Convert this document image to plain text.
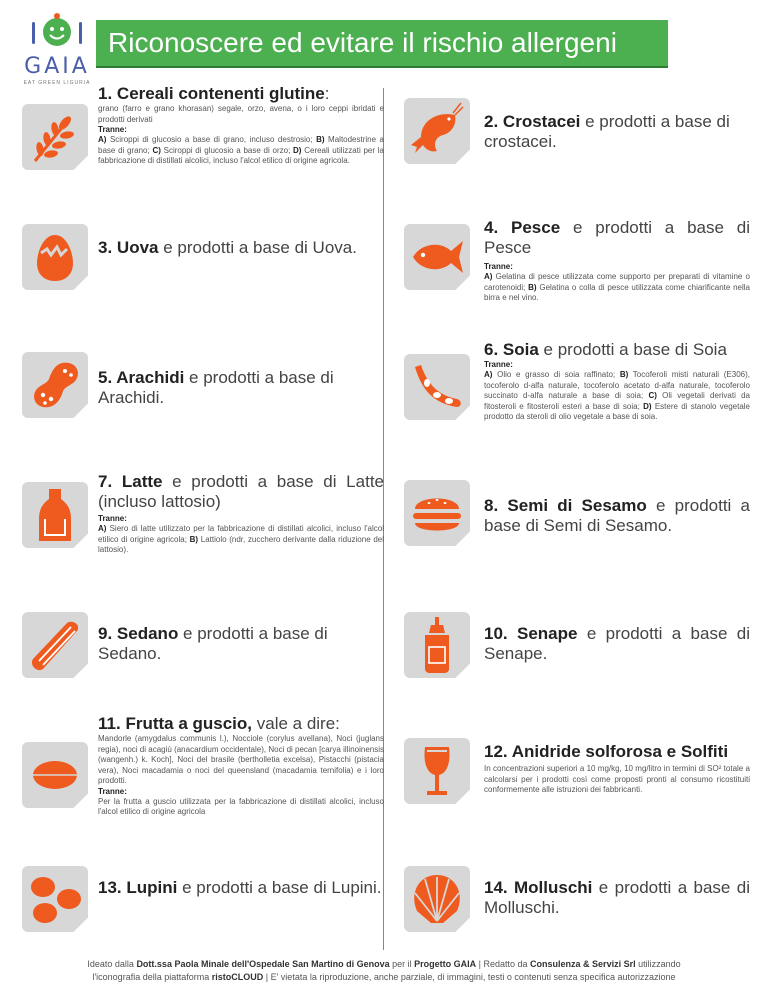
GAIA
EAT GREEN LIGURIA
Riconoscere ed evitare il rischio allergeni
1. Cereali contenenti glutine:
grano (farro e grano khorasan) segale, orzo, avena, o i loro ceppi ibridati e prodotti derivati
Tranne:
A) Sciroppi di glucosio a base di grano, incluso destrosio; B) Maltodestrine a base di grano; C) Sciroppi di glucosio a base di orzo; D) Cereali utilizzati per la fabbricazione di distillati alcolici, incluso l'alcol etilico di origine agricola.
2. Crostacei e prodotti a base di crostacei.
3. Uova e prodotti a base di Uova.
4. Pesce e prodotti a base di Pesce
Tranne:
A) Gelatina di pesce utilizzata come supporto per preparati di vitamine o carotenoidi; B) Gelatina o colla di pesce utilizzata come chiarificante nella birra e nel vino.
5. Arachidi e prodotti a base di Arachidi.
6. Soia e prodotti a base di Soia
Tranne:
A) Olio e grasso di soia raffinato; B) Tocoferoli misti naturali (E306), tocoferolo d-alfa naturale, tocoferolo acetato d-alfa naturale, tocoferolo succinato d-alfa naturale a base di soia; C) Oli vegetali derivati da fitosteroli e fitosteroli esteri a base di soia; D) Estere di stanolo vegetale prodotto da steroli di olio vegetale a base di soia.
7. Latte e prodotti a base di Latte (incluso lattosio)
Tranne:
A) Siero di latte utilizzato per la fabbricazione di distillati alcolici, incluso l'alcol etilico di origine agricola; B) Lattiolo (ndr, zucchero derivante dalla riduzione del lattosio).
8. Semi di Sesamo e prodotti a base di Semi di Sesamo.
9. Sedano e prodotti a base di Sedano.
10. Senape e prodotti a base di Senape.
11. Frutta a guscio, vale a dire:
Mandorle (amygdalus communis l.), Nocciole (corylus avellana), Noci (juglans regia), noci di acagiù (anacardium occidentale), Noci di pecan [carya illinoinensis (wangenh.) k. Koch], Noci del brasile (bertholletia excelsa), Pistacchi (pistacia vera), Noci macadamia o noci del queensland (macadamia ternifolia) e i loro prodotti.
Tranne:
Per la frutta a guscio utilizzata per la fabbricazione di distillati alcolici, incluso l'alcol etilico di origine agricola
12. Anidride solforosa e Solfiti
In concentrazioni superiori a 10 mg/kg, 10 mg/litro in termini di SO² totale a calcolarsi per i prodotti così come proposti pronti al consumo ricostituiti conformemente alle istruzioni dei fabbricanti.
13. Lupini e prodotti a base di Lupini.	14. Molluschi e prodotti a base di Molluschi.
Ideato dalla Dott.ssa Paola Minale dell'Ospedale San Martino di Genova per il Progetto GAIA | Redatto da Consulenza & Servizi Srl utilizzando
l'iconografia della piattaforma ristoCLOUD | E' vietata la riproduzione, anche parziale, di immagini, testi o contenuti senza specifica autorizzazione
